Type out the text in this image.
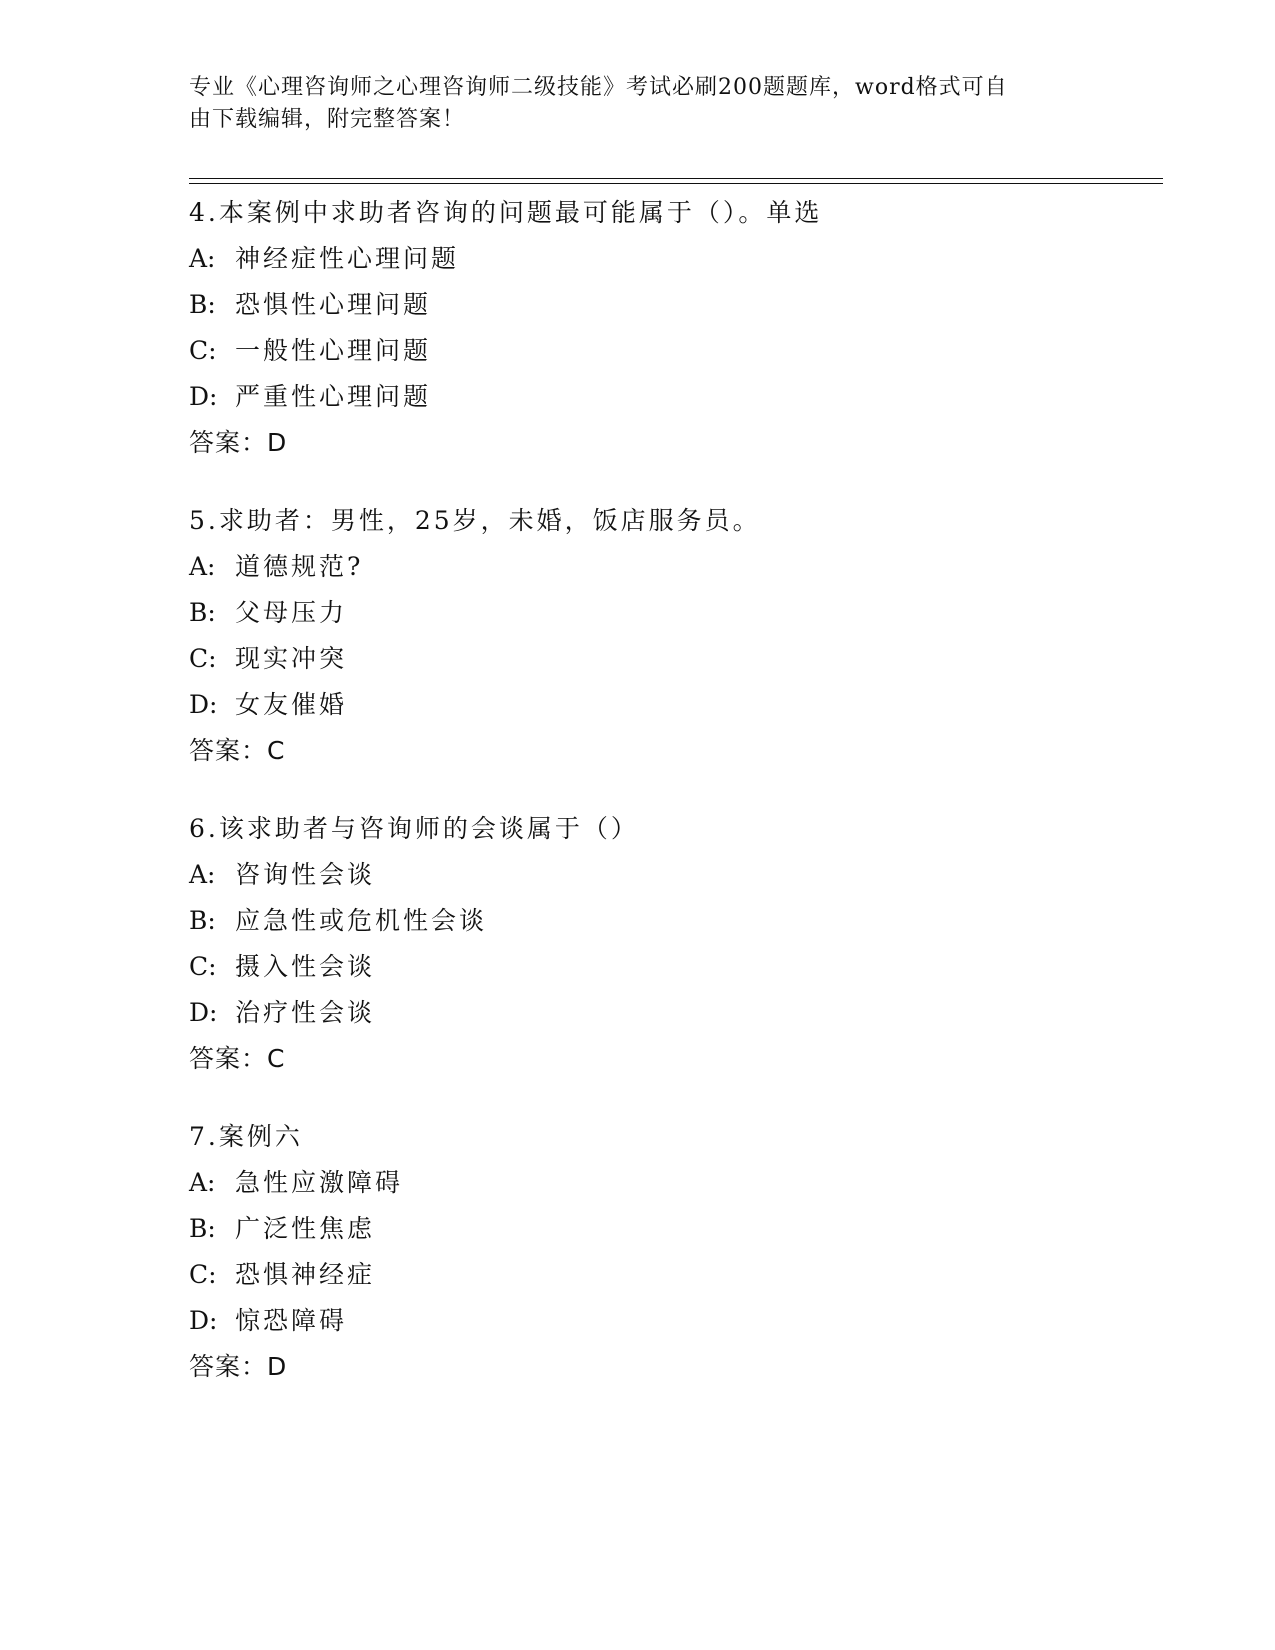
专业《心理咨询师之心理咨询师二级技能》考试必刷200题题库，word格式可自
由下载编辑，附完整答案！
4.本案例中求助者咨询的问题最可能属于（）。单选
A: 神经症性心理问题
B: 恐惧性心理问题
C: 一般性心理问题
D: 严重性心理问题
答案：D
5.求助者：男性，25岁，未婚，饭店服务员。
A: 道德规范?
B: 父母压力
C: 现实冲突
D: 女友催婚
答案：C
6.该求助者与咨询师的会谈属于（）
A: 咨询性会谈
B: 应急性或危机性会谈
C: 摄入性会谈
D: 治疗性会谈
答案：C
7.案例六
A: 急性应激障碍
B: 广泛性焦虑
C: 恐惧神经症
D: 惊恐障碍
答案：D
